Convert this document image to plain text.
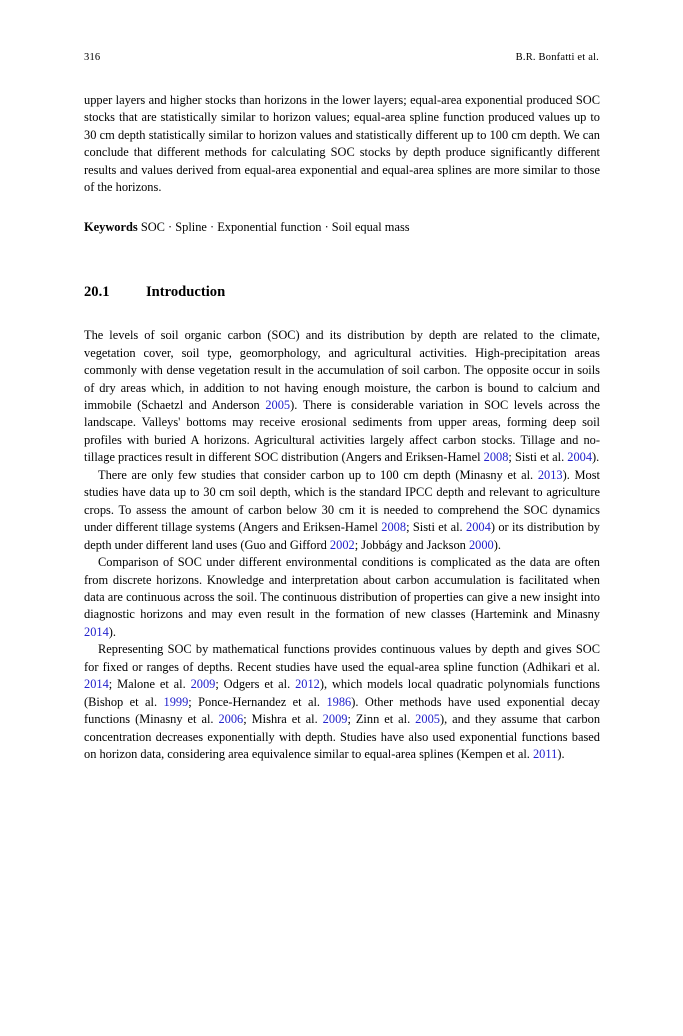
316	B.R. Bonfatti et al.

upper layers and higher stocks than horizons in the lower layers; equal-area exponential produced SOC stocks that are statistically similar to horizon values; equal-area spline function produced values up to 30 cm depth statistically similar to horizon values and statistically different up to 100 cm depth. We can conclude that different methods for calculating SOC stocks by depth produce significantly different results and values derived from equal-area exponential and equal-area splines are more similar to those of the horizons.

Keywords SOC · Spline · Exponential function · Soil equal mass
20.1	Introduction

The levels of soil organic carbon (SOC) and its distribution by depth are related to the climate, vegetation cover, soil type, geomorphology, and agricultural activities. High-precipitation areas commonly with dense vegetation result in the accumulation of soil carbon. The opposite occur in soils of dry areas which, in addition to not having enough moisture, the carbon is bound to calcium and immobile (Schaetzl and Anderson 2005). There is considerable variation in SOC levels across the landscape. Valleys' bottoms may receive erosional sediments from upper areas, forming deep soil profiles with buried A horizons. Agricultural activities largely affect carbon stocks. Tillage and no-tillage practices result in different SOC distribution (Angers and Eriksen-Hamel 2008; Sisti et al. 2004).

There are only few studies that consider carbon up to 100 cm depth (Minasny et al. 2013). Most studies have data up to 30 cm soil depth, which is the standard IPCC depth and relevant to agriculture crops. To assess the amount of carbon below 30 cm it is needed to comprehend the SOC dynamics under different tillage systems (Angers and Eriksen-Hamel 2008; Sisti et al. 2004) or its distribution by depth under different land uses (Guo and Gifford 2002; Jobbágy and Jackson 2000).

Comparison of SOC under different environmental conditions is complicated as the data are often from discrete horizons. Knowledge and interpretation about carbon accumulation is facilitated when data are continuous across the soil. The continuous distribution of properties can give a new insight into diagnostic horizons and may even result in the formation of new classes (Hartemink and Minasny 2014).

Representing SOC by mathematical functions provides continuous values by depth and gives SOC for fixed or ranges of depths. Recent studies have used the equal-area spline function (Adhikari et al. 2014; Malone et al. 2009; Odgers et al. 2012), which models local quadratic polynomials functions (Bishop et al. 1999; Ponce-Hernandez et al. 1986). Other methods have used exponential decay functions (Minasny et al. 2006; Mishra et al. 2009; Zinn et al. 2005), and they assume that carbon concentration decreases exponentially with depth. Studies have also used exponential functions based on horizon data, considering area equivalence similar to equal-area splines (Kempen et al. 2011).
